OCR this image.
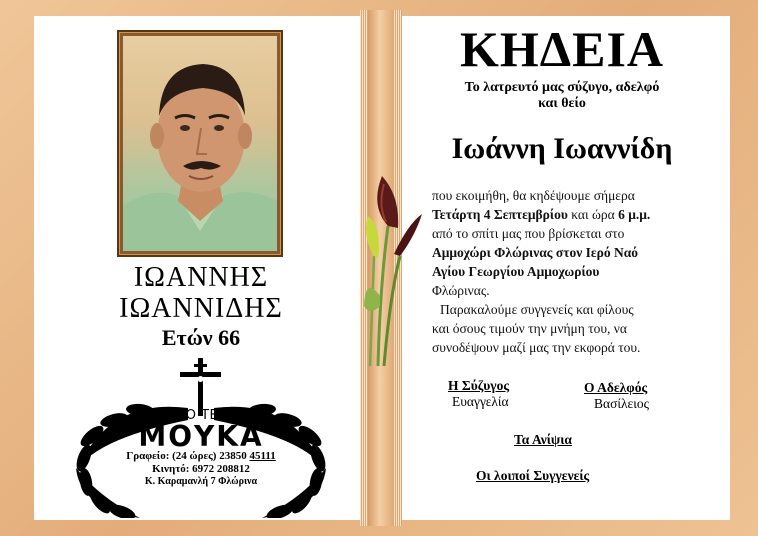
ΙΩΑΝΝΗΣ
ΙΩΑΝΝΙΔΗΣ
Ετών 66
ΓΡΑΦΕΙΟ ΤΕΛΕΤΩΝ
ΜΟΥΚΑ
Γραφείο: (24 ώρες) 23850 45111
Κινητό: 6972 208812
Κ. Καραμανλή 7 Φλώρινα
ΚΗΔΕΙΑ
Το λατρευτό μας σύζυγο, αδελφό
και θείο
Ιωάννη Ιωαννίδη
που εκοιμήθη, θα κηδέψουμε σήμερα
Τετάρτη 4 Σεπτεμβρίου και ώρα 6 μ.μ.
από το σπίτι μας που βρίσκεται στο
Αμμοχώρι Φλώρινας στον Ιερό Ναό
Αγίου Γεωργίου Αμμοχωρίου
Φλώρινας.
Παρακαλούμε συγγενείς και φίλους
και όσους τιμούν την μνήμη του, να
συνοδέψουν μαζί μας την εκφορά του.
Η Σύζυγος
Ευαγγελία
Ο Αδελφός
Βασίλειος
Τα Ανίψια
Οι λοιποί Συγγενείς
